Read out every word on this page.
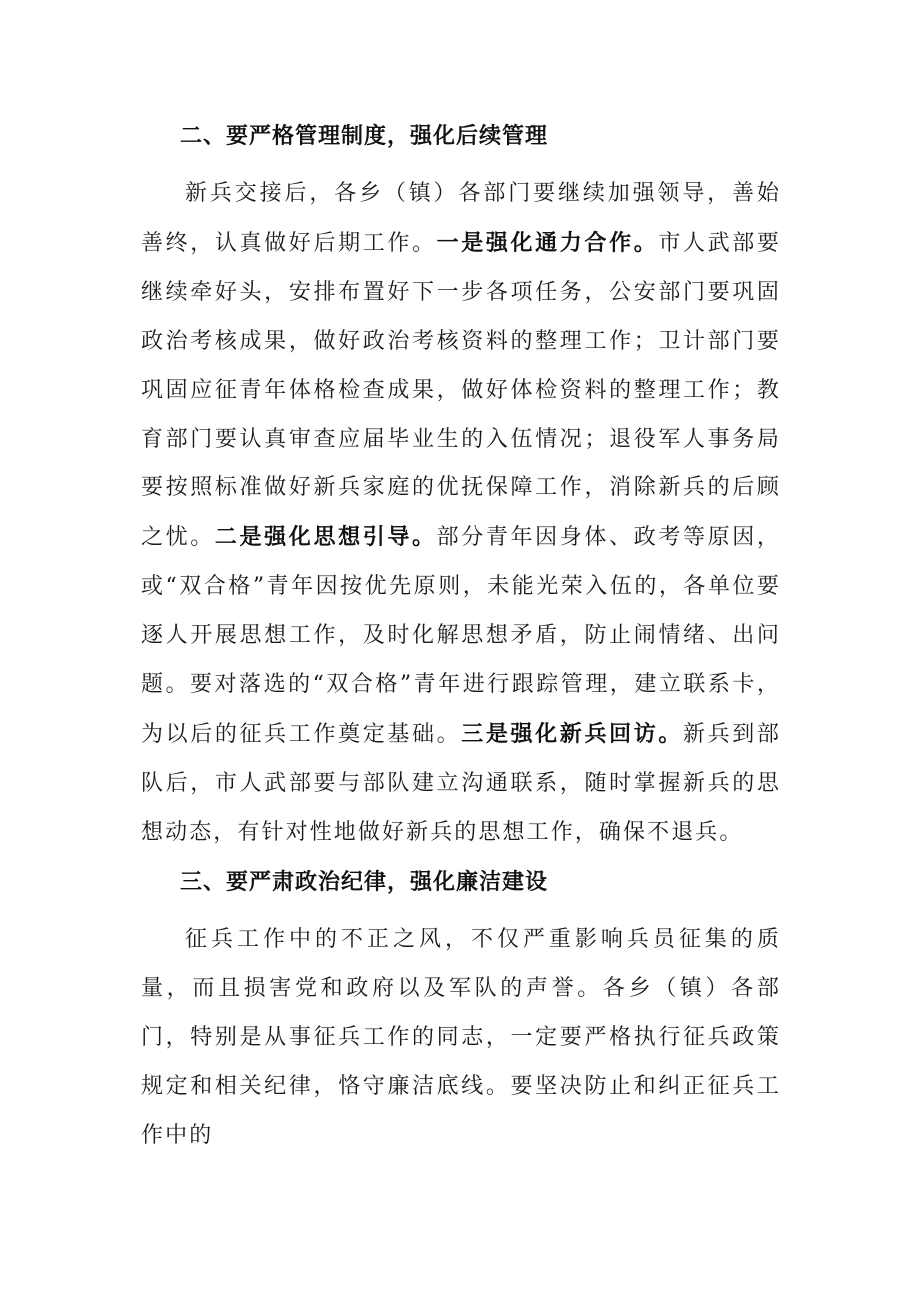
二、要严格管理制度，强化后续管理

新兵交接后，各乡（镇）各部门要继续加强领导，善始善终，认真做好后期工作。一是强化通力合作。市人武部要继续牵好头，安排布置好下一步各项任务，公安部门要巩固政治考核成果，做好政治考核资料的整理工作；卫计部门要巩固应征青年体格检查成果，做好体检资料的整理工作；教育部门要认真审查应届毕业生的入伍情况；退役军人事务局要按照标准做好新兵家庭的优抚保障工作，消除新兵的后顾之忧。二是强化思想引导。部分青年因身体、政考等原因，或“双合格”青年因按优先原则，未能光荣入伍的，各单位要逐人开展思想工作，及时化解思想矛盾，防止闹情绪、出问题。要对落选的“双合格”青年进行跟踪管理，建立联系卡，为以后的征兵工作奠定基础。三是强化新兵回访。新兵到部队后，市人武部要与部队建立沟通联系，随时掌握新兵的思想动态，有针对性地做好新兵的思想工作，确保不退兵。

三、要严肃政治纪律，强化廉洁建设

征兵工作中的不正之风，不仅严重影响兵员征集的质量，而且损害党和政府以及军队的声誉。各乡（镇）各部门，特别是从事征兵工作的同志，一定要严格执行征兵政策规定和相关纪律，恪守廉洁底线。要坚决防止和纠正征兵工作中的
